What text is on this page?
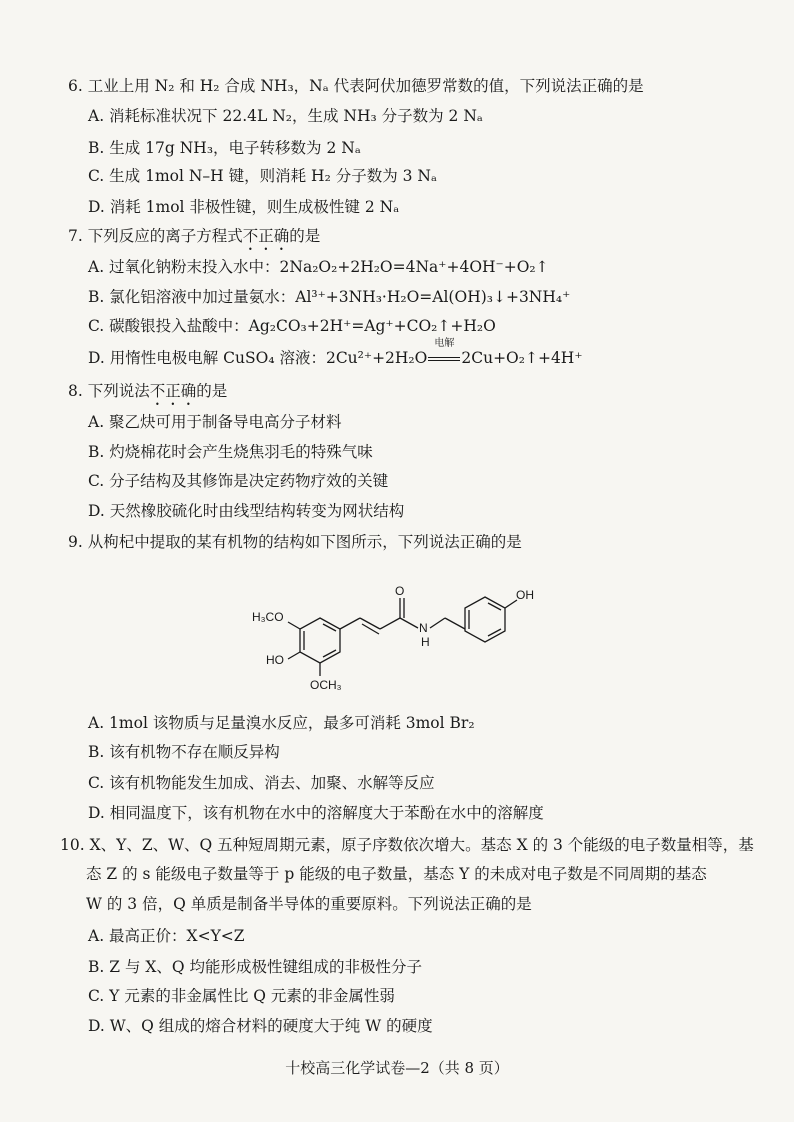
6. 工业上用 N₂ 和 H₂ 合成 NH₃，Nₐ 代表阿伏加德罗常数的值，下列说法正确的是
A. 消耗标准状况下 22.4L N₂，生成 NH₃ 分子数为 2 Nₐ
B. 生成 17g NH₃，电子转移数为 2 Nₐ
C. 生成 1mol N–H 键，则消耗 H₂ 分子数为 3 Nₐ
D. 消耗 1mol 非极性键，则生成极性键 2 Nₐ
7. 下列反应的离子方程式不正确的是
A. 过氧化钠粉末投入水中：2Na₂O₂+2H₂O=4Na⁺+4OH⁻+O₂↑
B. 氯化铝溶液中加过量氨水：Al³⁺+3NH₃·H₂O=Al(OH)₃↓+3NH₄⁺
C. 碳酸银投入盐酸中：Ag₂CO₃+2H⁺=Ag⁺+CO₂↑+H₂O
D. 用惰性电极电解 CuSO₄ 溶液：2Cu²⁺+2H₂O
电解
2Cu+O₂↑+4H⁺
8. 下列说法不正确的是
A. 聚乙炔可用于制备导电高分子材料
B. 灼烧棉花时会产生烧焦羽毛的特殊气味
C. 分子结构及其修饰是决定药物疗效的关键
D. 天然橡胶硫化时由线型结构转变为网状结构
9. 从枸杞中提取的某有机物的结构如下图所示，下列说法正确的是
H₃CO
HO
OCH₃
O
N
H
OH
A. 1mol 该物质与足量溴水反应，最多可消耗 3mol Br₂
B. 该有机物不存在顺反异构
C. 该有机物能发生加成、消去、加聚、水解等反应
D. 相同温度下，该有机物在水中的溶解度大于苯酚在水中的溶解度
10. X、Y、Z、W、Q 五种短周期元素，原子序数依次增大。基态 X 的 3 个能级的电子数量相等，基
态 Z 的 s 能级电子数量等于 p 能级的电子数量，基态 Y 的未成对电子数是不同周期的基态
W 的 3 倍，Q 单质是制备半导体的重要原料。下列说法正确的是
A. 最高正价：X<Y<Z
B. Z 与 X、Q 均能形成极性键组成的非极性分子
C. Y 元素的非金属性比 Q 元素的非金属性弱
D. W、Q 组成的熔合材料的硬度大于纯 W 的硬度
十校高三化学试卷—2（共 8 页）
